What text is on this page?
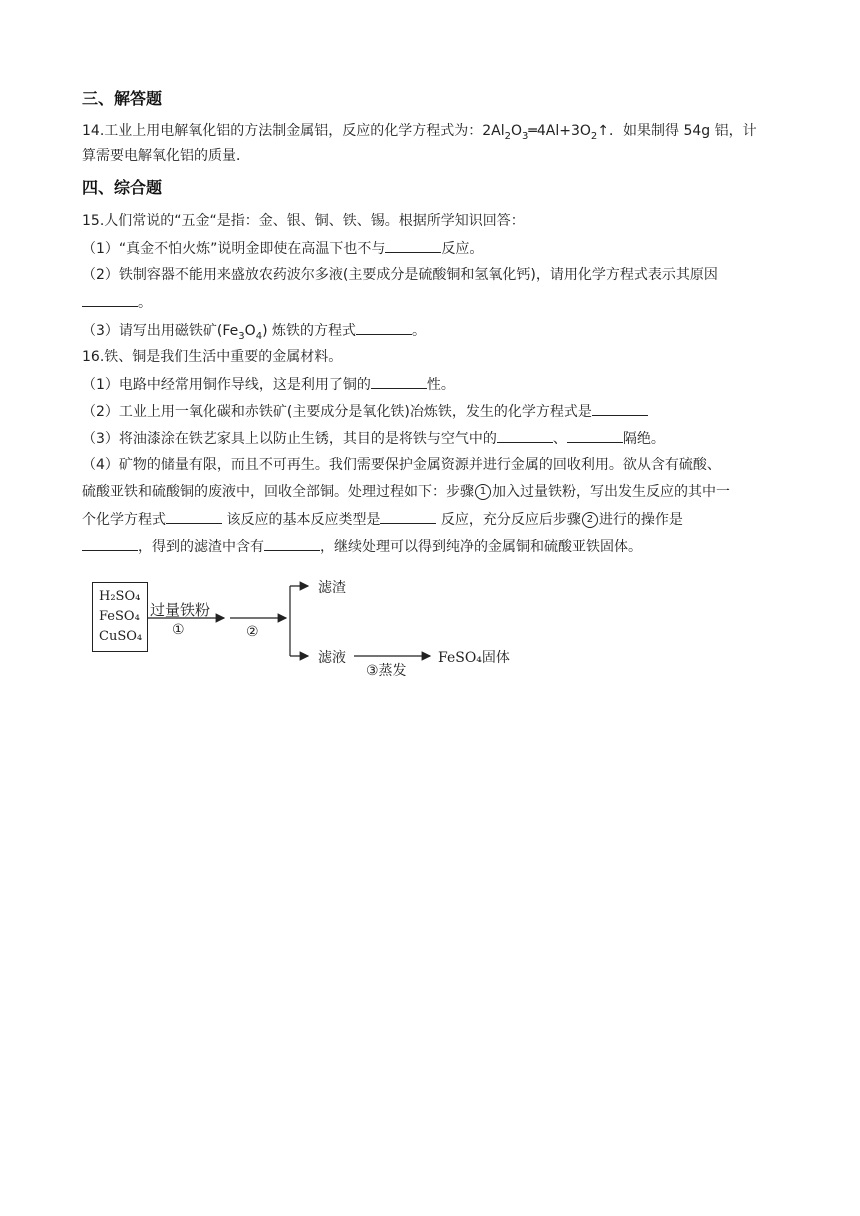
三、解答题
14.工业上用电解氧化铝的方法制金属铝，反应的化学方程式为：$2Al_2O_3═4Al+3O_2↑$．如果制得 54g 铝，计
算需要电解氧化铝的质量．
四、综合题
15.人们常说的“五金“是指：金、银、铜、铁、锡。根据所学知识回答：
（1）“真金不怕火炼”说明金即使在高温下也不与	反应。
（2）铁制容器不能用来盛放农药波尔多液(主要成分是硫酸铜和氢氧化钙)，请用化学方程式表示其原因
。
（3）请写出用磁铁矿$(Fe_3O_4)$ 炼铁的方程式	。
16.铁、铜是我们生活中重要的金属材料。
（1）电路中经常用铜作导线，这是利用了铜的	性。
（2）工业上用一氧化碳和赤铁矿(主要成分是氧化铁)冶炼铁，发生的化学方程式是
（3）将油漆涂在铁艺家具上以防止生锈，其目的是将铁与空气中的	、	隔绝。
（4）矿物的储量有限，而且不可再生。我们需要保护金属资源并进行金属的回收利用。欲从含有硫酸、
硫酸亚铁和硫酸铜的废液中，回收全部铜。处理过程如下：步骤 1 加入过量铁粉，写出发生反应的其中一
个化学方程式	该反应的基本反应类型是	反应，充分反应后步骤 2 进行的操作是
，得到的滤渣中含有	，继续处理可以得到纯净的金属铜和硫酸亚铁固体。
H₂SO₄
FeSO₄
CuSO₄
过量铁粉
①	②
滤渣
滤液
③蒸发
FeSO₄固体
